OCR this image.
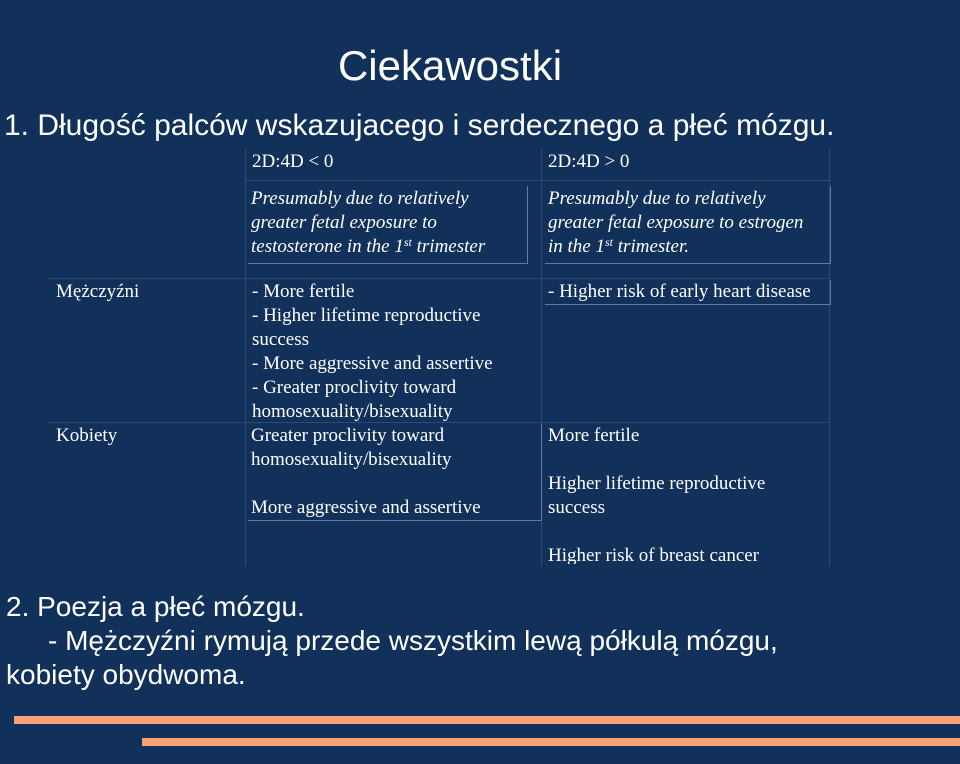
Ciekawostki
1. Długość palców wskazujacego i serdecznego a płeć mózgu.
2D:4D < 0	2D:4D > 0
Presumably due to relatively
greater fetal exposure to
testosterone in the 1st trimester
Presumably due to relatively
greater fetal exposure to estrogen
in the 1st trimester.
Mężczyźni
Kobiety
- More fertile
- Higher lifetime reproductive
success
- More aggressive and assertive
- Greater proclivity toward
homosexuality/bisexuality
- Higher risk of early heart disease
Greater proclivity toward
homosexuality/bisexuality

More aggressive and assertive
More fertile

Higher lifetime reproductive
success

Higher risk of breast cancer
2. Poezja a płeć mózgu.
- Mężczyźni rymują przede wszystkim lewą półkulą mózgu,
kobiety obydwoma.
